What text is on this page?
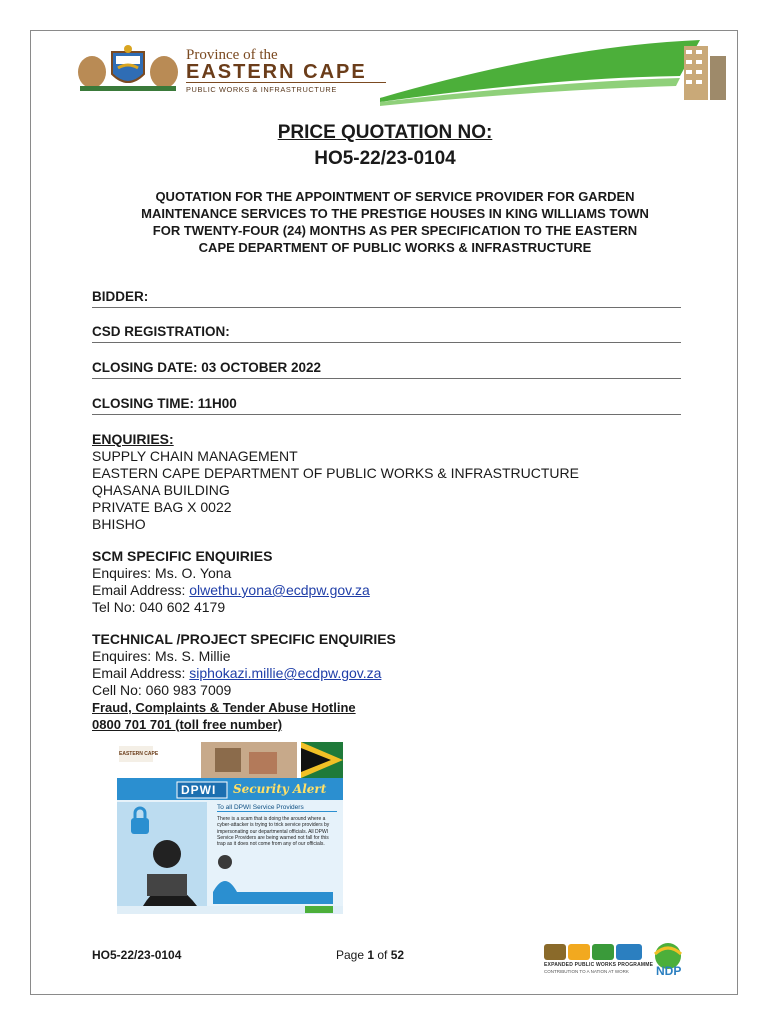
Province of the
EASTERN CAPE
PUBLIC WORKS & INFRASTRUCTURE
PRICE QUOTATION NO:
HO5-22/23-0104
QUOTATION FOR THE APPOINTMENT OF SERVICE PROVIDER FOR GARDEN MAINTENANCE SERVICES TO THE PRESTIGE HOUSES IN KING WILLIAMS TOWN FOR TWENTY-FOUR (24) MONTHS AS PER SPECIFICATION TO THE EASTERN CAPE DEPARTMENT OF PUBLIC WORKS & INFRASTRUCTURE
BIDDER:
CSD REGISTRATION:
CLOSING DATE: 03 OCTOBER 2022
CLOSING TIME: 11H00
ENQUIRIES:
SUPPLY CHAIN MANAGEMENT
EASTERN CAPE DEPARTMENT OF PUBLIC WORKS & INFRASTRUCTURE
QHASANA BUILDING
PRIVATE BAG X 0022
BHISHO
SCM SPECIFIC ENQUIRIES
Enquires: Ms. O. Yona
Email Address: olwethu.yona@ecdpw.gov.za
Tel No: 040 602 4179
TECHNICAL /PROJECT SPECIFIC ENQUIRIES
Enquires: Ms. S. Millie
Email Address: siphokazi.millie@ecdpw.gov.za
Cell No: 060 983 7009
Fraud, Complaints & Tender Abuse Hotline
0800 701 701 (toll free number)
EASTERN CAPE
DPWI Security Alert
To all DPWI Service Providers
There is a scam that is doing the around where a cyber-attacker is trying to trick service providers by impersonating our departmental officials. All DPWI Service Providers are being warned not fall for this trap as it does not come from any of our officials.
HO5-22/23-0104	Page 1 of 52
EXPANDED PUBLIC WORKS PROGRAMME
CONTRIBUTION TO A NATION AT WORK NDP
